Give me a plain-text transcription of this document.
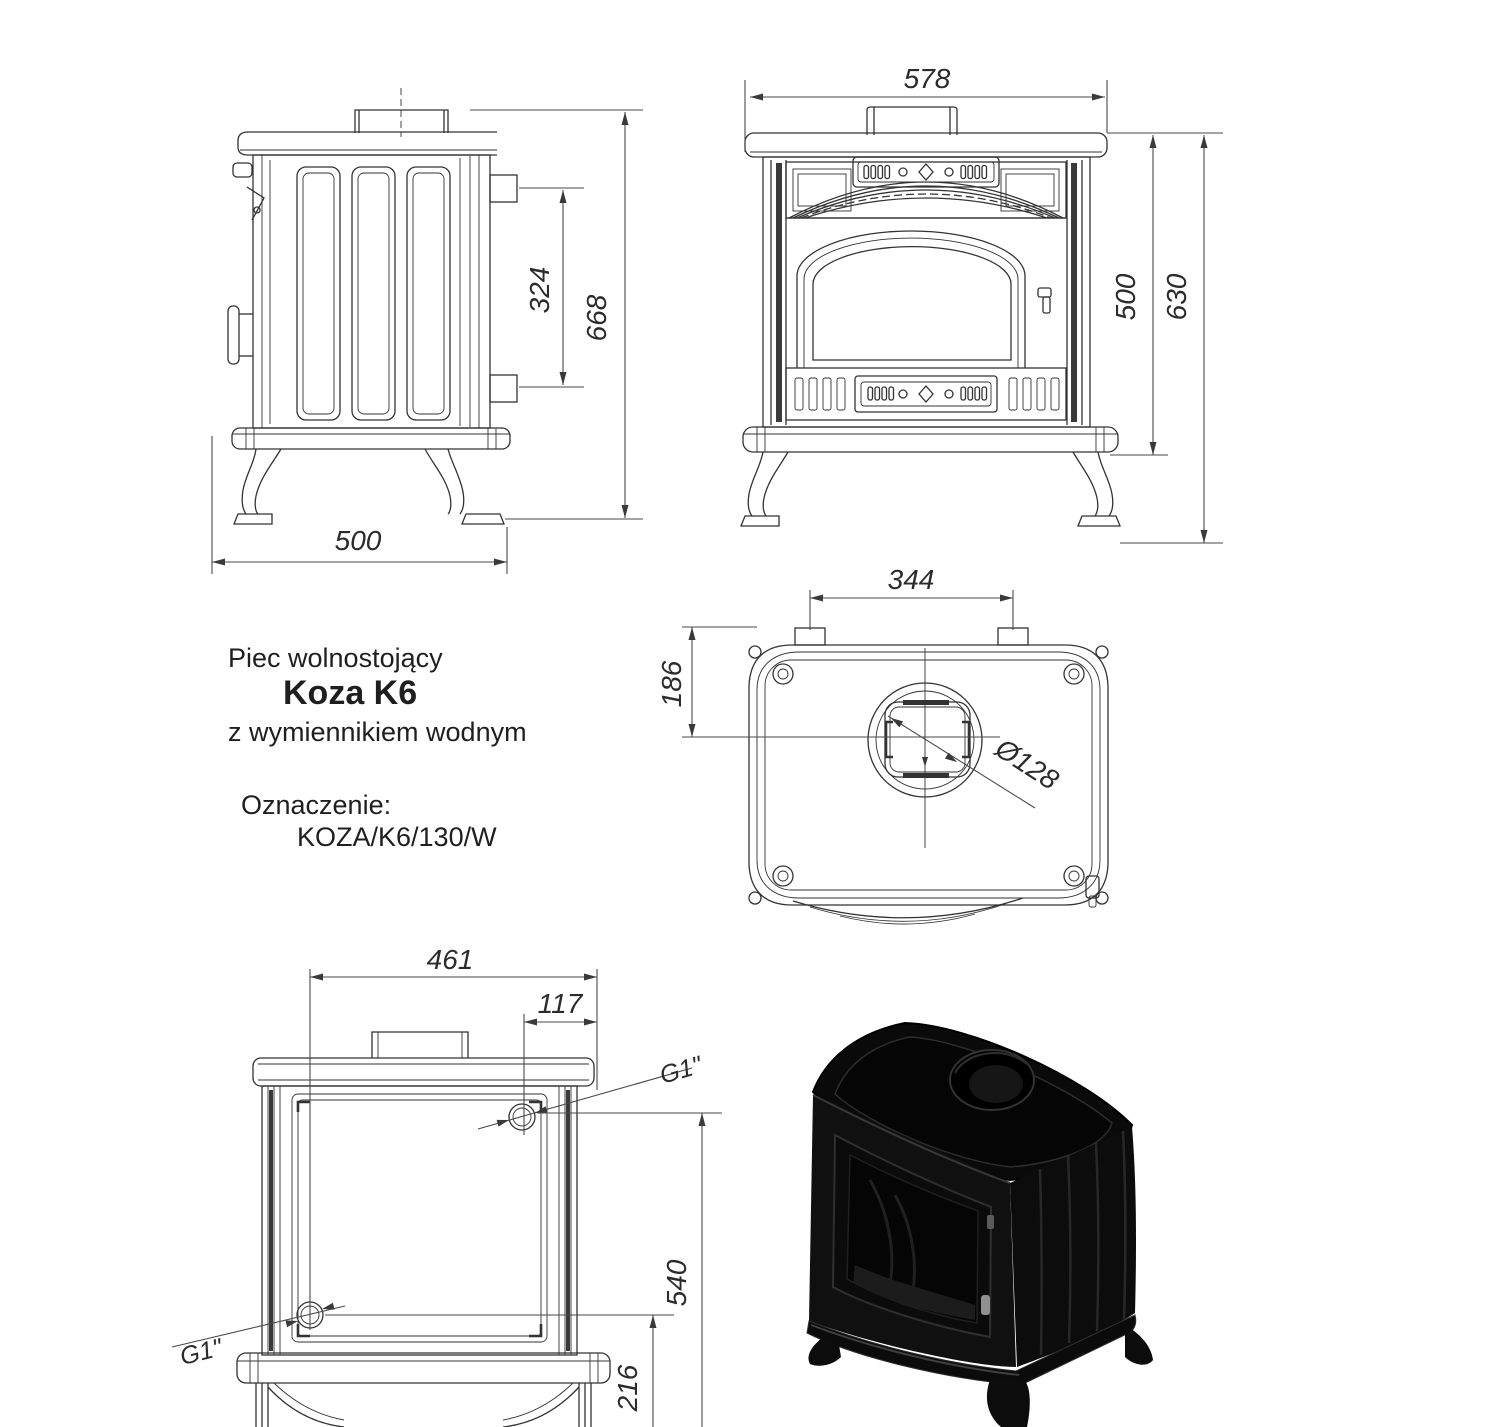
324
668
500
578
500 630
344
186
Ø128
461
117
G1"
G1"
540
216
Piec wolnostojący
Koza K6
z wymiennikiem wodnym
Oznaczenie:
KOZA/K6/130/W
